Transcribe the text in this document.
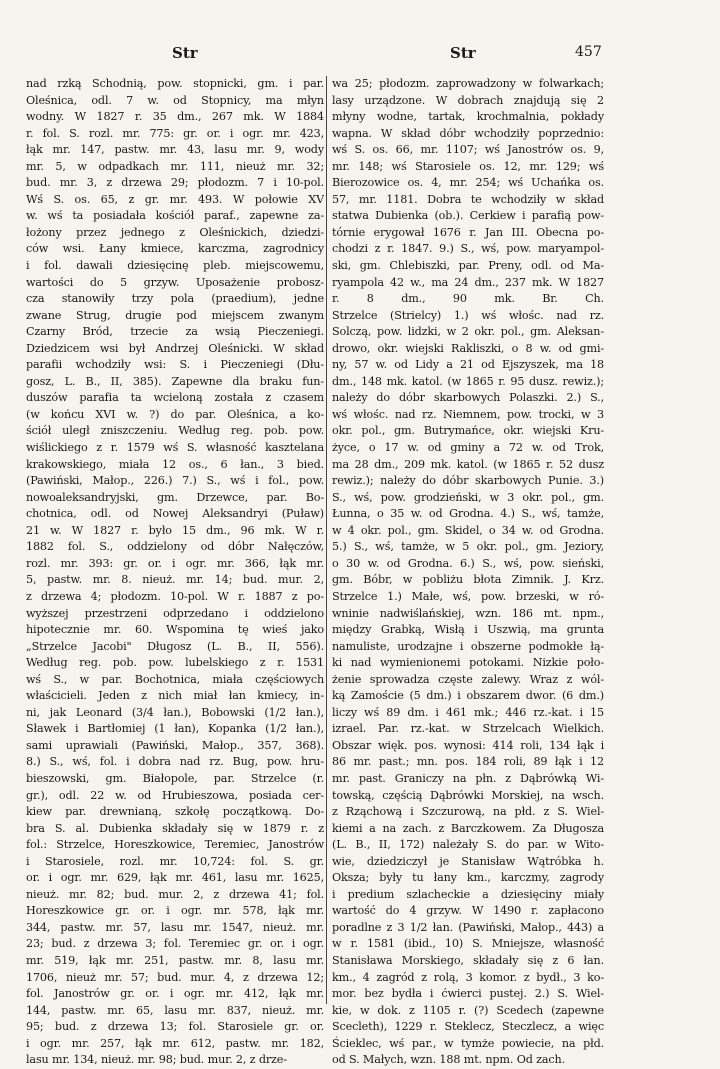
Str	Str	457

nad rzką Schodnią, pow. stopnicki, gm. i par.

Oleśnica, odl. 7 w. od Stopnicy, ma młyn

wodny. W 1827 r. 35 dm., 267 mk. W 1884

r. fol. S. rozl. mr. 775: gr. or. i ogr. mr. 423,

łąk mr. 147, pastw. mr. 43, lasu mr. 9, wody

mr. 5, w odpadkach mr. 111, nieuż mr. 32;

bud. mr. 3, z drzewa 29; płodozm. 7 i 10-pol.

Wś S. os. 65, z gr. mr. 493. W połowie XV

w. wś ta posiadała kościół paraf., zapewne za-

łożony przez jednego z Oleśnickich, dziedzi-

ców wsi. Łany kmiece, karczma, zagrodnicy

i fol. dawali dziesięcinę pleb. miejscowemu,

wartości do 5 grzyw. Uposażenie probosz-

cza stanowiły trzy pola (praedium), jedne

zwane Strug, drugie pod miejscem zwanym

Czarny Bród, trzecie za wsią Pieczeniegi.

Dziedzicem wsi był Andrzej Oleśnicki. W skład

parafii wchodziły wsi: S. i Pieczeniegi (Dłu-

gosz, L. B., II, 385). Zapewne dla braku fun-

duszów parafia ta wcieloną została z czasem

(w końcu XVI w. ?) do par. Oleśnica, a ko-

ściół uległ zniszczeniu. Według reg. pob. pow.

wiślickiego z r. 1579 wś S. własność kasztelana

krakowskiego, miała 12 os., 6 łan., 3 bied.

(Pawiński, Małop., 226.) 7.) S., wś i fol., pow.

nowoaleksandryjski, gm. Drzewce, par. Bo-

chotnica, odl. od Nowej Aleksandryi (Puław)

21 w. W 1827 r. było 15 dm., 96 mk. W r.

1882 fol. S., oddzielony od dóbr Nałęczów,

rozl. mr. 393: gr. or. i ogr. mr. 366, łąk mr.

5, pastw. mr. 8. nieuż. mr. 14; bud. mur. 2,

z drzewa 4; płodozm. 10-pol. W r. 1887 z po-

wyższej przestrzeni odprzedano i oddzielono

hipotecznie mr. 60. Wspomina tę wieś jako

„Strzelce Jacobi" Długosz (L. B., II, 556).

Według reg. pob. pow. lubelskiego z r. 1531

wś S., w par. Bochotnica, miała częściowych

właścicieli. Jeden z nich miał łan kmiecy, in-

ni, jak Leonard (3/4 łan.), Bobowski (1/2 łan.),

Sławek i Bartłomiej (1 łan), Kopanka (1/2 łan.),

sami uprawiali (Pawiński, Małop., 357, 368).

8.) S., wś, fol. i dobra nad rz. Bug, pow. hru-

bieszowski, gm. Białopole, par. Strzelce (r.

gr.), odl. 22 w. od Hrubieszowa, posiada cer-

kiew par. drewnianą, szkołę początkową. Do-

bra S. al. Dubienka składały się w 1879 r. z

fol.: Strzelce, Horeszkowice, Teremiec, Janostrów

i Starosiele, rozl. mr. 10,724: fol. S. gr.

or. i ogr. mr. 629, łąk mr. 461, lasu mr. 1625,

nieuż. mr. 82; bud. mur. 2, z drzewa 41; fol.

Horeszkowice gr. or. i ogr. mr. 578, łąk mr.

344, pastw. mr. 57, lasu mr. 1547, nieuż. mr.

23; bud. z drzewa 3; fol. Teremiec gr. or. i ogr.

mr. 519, łąk mr. 251, pastw. mr. 8, lasu mr.

1706, nieuż mr. 57; bud. mur. 4, z drzewa 12;

fol. Janostrów gr. or. i ogr. mr. 412, łąk mr.

144, pastw. mr. 65, lasu mr. 837, nieuż. mr.

95; bud. z drzewa 13; fol. Starosiele gr. or.

i ogr. mr. 257, łąk mr. 612, pastw. mr. 182,

lasu mr. 134, nieuż. mr. 98; bud. mur. 2, z drze-

wa 25; płodozm. zaprowadzony w folwarkach;

lasy urządzone. W dobrach znajdują się 2

młyny wodne, tartak, krochmalnia, pokłady

wapna. W skład dóbr wchodziły poprzednio:

wś S. os. 66, mr. 1107; wś Janostrów os. 9,

mr. 148; wś Starosiele os. 12, mr. 129; wś

Bierozowice os. 4, mr. 254; wś Uchańka os.

57, mr. 1181. Dobra te wchodziły w skład

statwa Dubienka (ob.). Cerkiew i parafią pow-

tórnie erygował 1676 r. Jan III. Obecna po-

chodzi z r. 1847. 9.) S., wś, pow. maryampol-

ski, gm. Chlebiszki, par. Preny, odl. od Ma-

ryampola 42 w., ma 24 dm., 237 mk. W 1827

r. 8 dm., 90 mk. Br. Ch.

Strzelce (Strielcy) 1.) wś włośc. nad rz.

Solczą, pow. lidzki, w 2 okr. pol., gm. Aleksan-

drowo, okr. wiejski Rakliszki, o 8 w. od gmi-

ny, 57 w. od Lidy a 21 od Ejszyszek, ma 18

dm., 148 mk. katol. (w 1865 r. 95 dusz. rewiz.);

należy do dóbr skarbowych Polaszki. 2.) S.,

wś włośc. nad rz. Niemnem, pow. trocki, w 3

okr. pol., gm. Butrymańce, okr. wiejski Kru-

życe, o 17 w. od gminy a 72 w. od Trok,

ma 28 dm., 209 mk. katol. (w 1865 r. 52 dusz

rewiz.); należy do dóbr skarbowych Punie. 3.)

S., wś, pow. grodzieński, w 3 okr. pol., gm.

Łunna, o 35 w. od Grodna. 4.) S., wś, tamże,

w 4 okr. pol., gm. Skidel, o 34 w. od Grodna.

5.) S., wś, tamże, w 5 okr. pol., gm. Jeziory,

o 30 w. od Grodna. 6.) S., wś, pow. sieński,

gm. Bóbr, w pobliżu błota Zimnik. J. Krz.

Strzelce 1.) Małe, wś, pow. brzeski, w ró-

wninie nadwiślańskiej, wzn. 186 mt. npm.,

między Grabką, Wisłą i Uszwią, ma grunta

namuliste, urodzajne i obszerne podmokłe łą-

ki nad wymienionemi potokami. Nizkie poło-

żenie sprowadza częste zalewy. Wraz z wól-

ką Zamoście (5 dm.) i obszarem dwor. (6 dm.)

liczy wś 89 dm. i 461 mk.; 446 rz.-kat. i 15

izrael. Par. rz.-kat. w Strzelcach Wielkich.

Obszar więk. pos. wynosi: 414 roli, 134 łąk i

86 mr. past.; mn. pos. 184 roli, 89 łąk i 12

mr. past. Graniczy na płn. z Dąbrówką Wi-

towską, częścią Dąbrówki Morskiej, na wsch.

z Rząchową i Szczurową, na płd. z S. Wiel-

kiemi a na zach. z Barczkowem. Za Długosza

(L. B., II, 172) należały S. do par. w Wito-

wie, dziedziczył je Stanisław Wątróbka h.

Oksza; były tu łany km., karczmy, zagrody

i predium szlacheckie a dziesięciny miały

wartość do 4 grzyw. W 1490 r. zapłacono

poradlne z 3 1/2 łan. (Pawiński, Małop., 443) a

w r. 1581 (ibid., 10) S. Mniejsze, własność

Stanisława Morskiego, składały się z 6 łan.

km., 4 zagród z rolą, 3 komor. z bydł., 3 ko-

mor. bez bydła i ćwierci pustej. 2.) S. Wiel-

kie, w dok. z 1105 r. (?) Scedech (zapewne

Scecleth), 1229 r. Steklecz, Steczlecz, a więc

Ścieklec, wś par., w tymże powiecie, na płd.

od S. Małych, wzn. 188 mt. npm. Od zach.
